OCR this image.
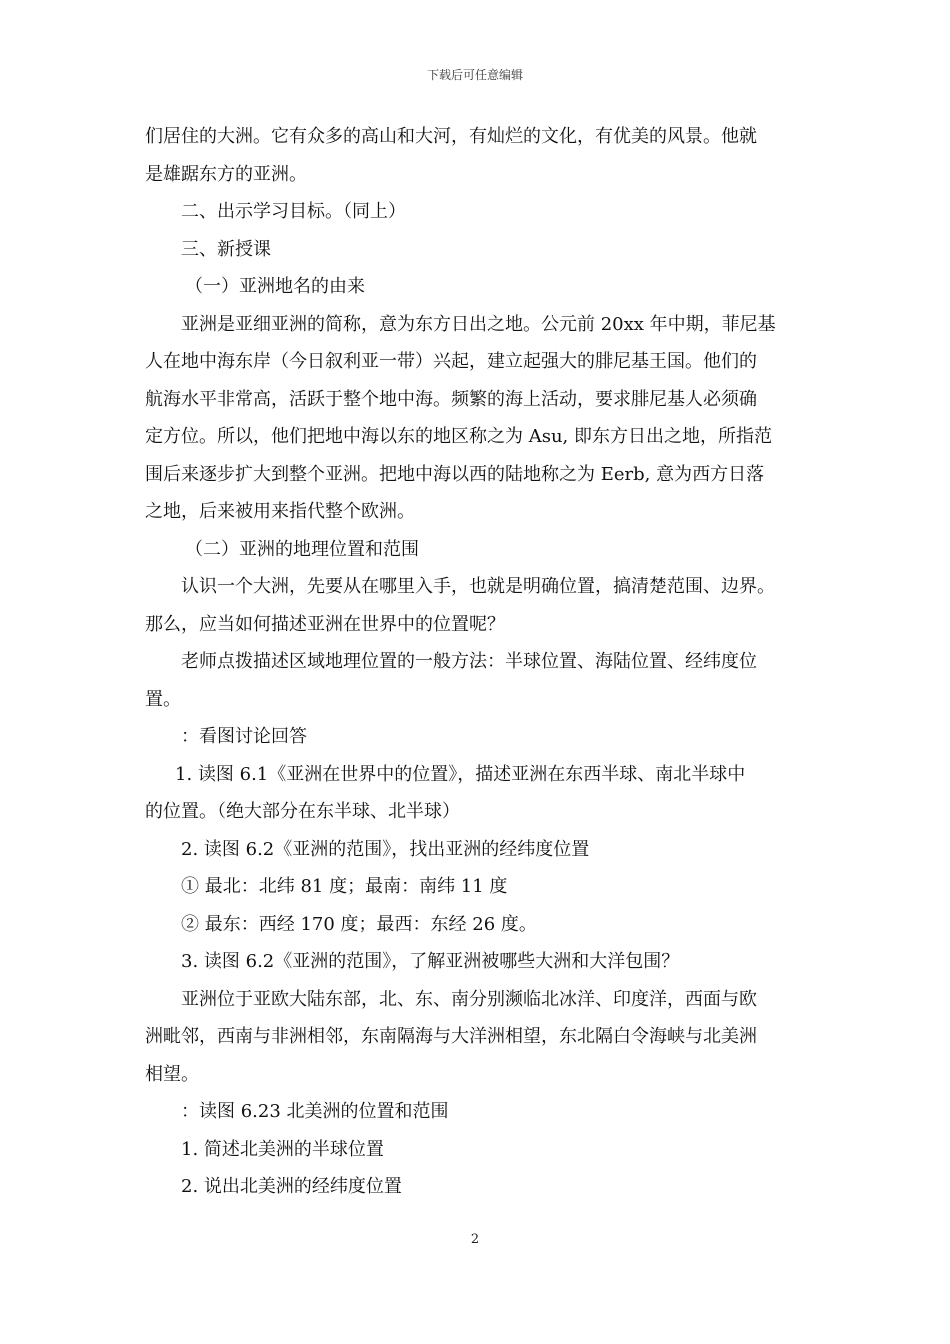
下载后可任意编辑
们居住的大洲。它有众多的高山和大河，有灿烂的文化，有优美的风景。他就
是雄踞东方的亚洲。
二、出示学习目标。（同上）
三、新授课
（一）亚洲地名的由来
亚洲是亚细亚洲的简称，意为东方日出之地。公元前 20xx 年中期，菲尼基
人在地中海东岸（今日叙利亚一带）兴起，建立起强大的腓尼基王国。他们的
航海水平非常高，活跃于整个地中海。频繁的海上活动，要求腓尼基人必须确
定方位。所以，他们把地中海以东的地区称之为 Asu, 即东方日出之地，所指范
围后来逐步扩大到整个亚洲。把地中海以西的陆地称之为 Eerb, 意为西方日落
之地，后来被用来指代整个欧洲。
（二）亚洲的地理位置和范围
认识一个大洲，先要从在哪里入手，也就是明确位置，搞清楚范围、边界。
那么，应当如何描述亚洲在世界中的位置呢？
老师点拨描述区域地理位置的一般方法：半球位置、海陆位置、经纬度位
置。
：看图讨论回答
1. 读图 6.1《亚洲在世界中的位置》，描述亚洲在东西半球、南北半球中
的位置。（绝大部分在东半球、北半球）
2. 读图 6.2《亚洲的范围》，找出亚洲的经纬度位置
① 最北：北纬 81 度；最南：南纬 11 度
② 最东：西经 170 度；最西：东经 26 度。
3. 读图 6.2《亚洲的范围》，了解亚洲被哪些大洲和大洋包围？
亚洲位于亚欧大陆东部，北、东、南分别濒临北冰洋、印度洋，西面与欧
洲毗邻，西南与非洲相邻，东南隔海与大洋洲相望，东北隔白令海峡与北美洲
相望。
：读图 6.23 北美洲的位置和范围
1. 简述北美洲的半球位置
2. 说出北美洲的经纬度位置
2
